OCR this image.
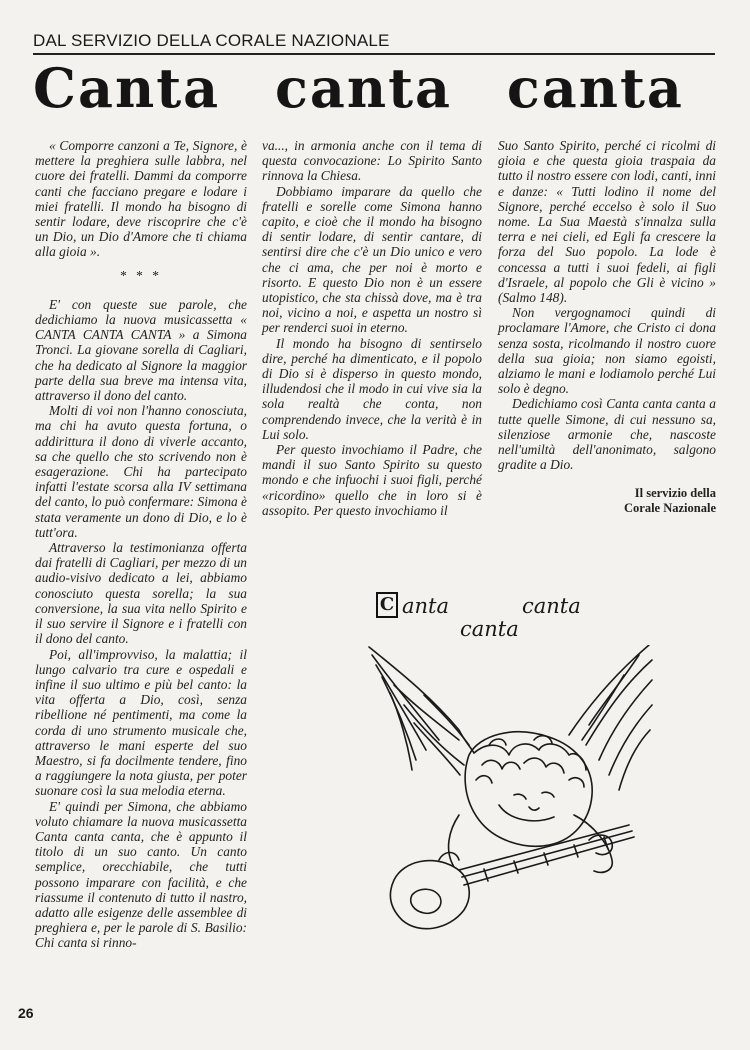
DAL SERVIZIO DELLA CORALE NAZIONALE
Canta canta canta

« Comporre canzoni a Te, Signore, è mettere la preghiera sulle labbra, nel cuore dei fratelli. Dammi da comporre canti che facciano pregare e lodare i miei fratelli. Il mondo ha bisogno di sentir lodare, deve riscoprire che c'è un Dio, un Dio d'Amore che ti chiama alla gioia ».

* * *

E' con queste sue parole, che dedichiamo la nuova musicassetta « CANTA CANTA CANTA » a Simona Tronci. La giovane sorella di Cagliari, che ha dedicato al Signore la maggior parte della sua breve ma intensa vita, attraverso il dono del canto.

Molti di voi non l'hanno conosciuta, ma chi ha avuto questa fortuna, o addirittura il dono di viverle accanto, sa che quello che sto scrivendo non è esagerazione. Chi ha partecipato infatti l'estate scorsa alla IV settimana del canto, lo può confermare: Simona è stata veramente un dono di Dio, e lo è tutt'ora.

Attraverso la testimonianza offerta dai fratelli di Cagliari, per mezzo di un audio-visivo dedicato a lei, abbiamo conosciuto questa sorella; la sua conversione, la sua vita nello Spirito e il suo servire il Signore e i fratelli con il dono del canto.

Poi, all'improvviso, la malattia; il lungo calvario tra cure e ospedali e infine il suo ultimo e più bel canto: la vita offerta a Dio, così, senza ribellione né pentimenti, ma come la corda di uno strumento musicale che, attraverso le mani esperte del suo Maestro, si fa docilmente tendere, fino a raggiungere la nota giusta, per poter suonare così la sua melodia eterna.

E' quindi per Simona, che abbiamo voluto chiamare la nuova musicassetta Canta canta canta, che è appunto il titolo di un suo canto. Un canto semplice, orecchiabile, che tutti possono imparare con facilità, e che riassume il contenuto di tutto il nastro, adatto alle esigenze delle assemblee di preghiera e, per le parole di S. Basilio: Chi canta si rinno-

va..., in armonia anche con il tema di questa convocazione: Lo Spirito Santo rinnova la Chiesa.

Dobbiamo imparare da quello che fratelli e sorelle come Simona hanno capito, e cioè che il mondo ha bisogno di sentir lodare, di sentir cantare, di sentirsi dire che c'è un Dio unico e vero che ci ama, che per noi è morto e risorto. E questo Dio non è un essere utopistico, che sta chissà dove, ma è tra noi, vicino a noi, e aspetta un nostro sì per renderci suoi in eterno.

Il mondo ha bisogno di sentirselo dire, perché ha dimenticato, e il popolo di Dio si è disperso in questo mondo, illudendosi che il modo in cui vive sia la sola realtà che conta, non comprendendo invece, che la verità è in Lui solo.

Per questo invochiamo il Padre, che mandi il suo Santo Spirito su questo mondo e che infuochi i suoi figli, perché «ricordino» quello che in loro si è assopito. Per questo invochiamo il

Suo Santo Spirito, perché ci ricolmi di gioia e che questa gioia traspaia da tutto il nostro essere con lodi, canti, inni e danze: « Tutti lodino il nome del Signore, perché eccelso è solo il Suo nome. La Sua Maestà s'innalza sulla terra e nei cieli, ed Egli fa crescere la forza del Suo popolo. La lode è concessa a tutti i suoi fedeli, ai figli d'Israele, al popolo che Gli è vicino » (Salmo 148).

Non vergognamoci quindi di proclamare l'Amore, che Cristo ci dona senza sosta, ricolmando il nostro cuore della sua gioia; non siamo egoisti, alziamo le mani e lodiamolo perché Lui solo è degno.

Dedichiamo così Canta canta canta a tutte quelle Simone, di cui nessuno sa, silenziose armonie che, nascoste nell'umiltà dell'anonimato, salgono gradite a Dio.

Il servizio della
Corale Nazionale
C anta	canta
canta
26
